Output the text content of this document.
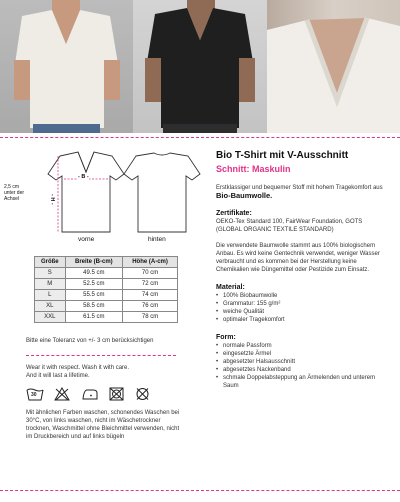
- B -
- H -
2,5 cm unter der Achsel
vorne	hinten
Größe	Breite (B-cm)	Höhe (A-cm)
S	49.5 cm	70 cm
M	52.5 cm	72 cm
L	55.5 cm	74 cm
XL	58.5 cm	76 cm
XXL	61.5 cm	78 cm

Bitte eine Toleranz von +/- 3 cm berücksichtigen

Wear it with respect. Wash it with care.

And it will last a lifetime.

30

Mit ähnlichen Farben waschen, schonendes Waschen bei 30°C, von links waschen, nicht im Wäschetrockner trocknen, Waschmittel ohne Bleichmittel verwenden, nicht im Druckbereich und auf links bügeln

Bio T-Shirt mit V-Ausschnitt
Schnitt: Maskulin

Erstklassiger und bequemer Stoff mit hohem Tragekomfort aus Bio-Baumwolle.

Zertifikate:

OEKO-Tex Standard 100, FairWear Foundation, GOTS (GLOBAL ORGANIC TEXTILE STANDARD)

Die verwendete Baumwolle stammt aus 100% biologischem Anbau. Es wird keine Gentechnik verwendet, weniger Wasser verbraucht und es kommen bei der Herstellung keine Chemikalien wie Düngemittel oder Pestizide zum Einsatz.

Material:
• 100% Biobaumwolle
• Grammatur: 155 g/m²
• weiche Qualität
• optimaler Tragekomfort
Form:
• normale Passform
• eingesetzte Ärmel
• abgesetzter Halsausschnitt
• abgesetztes Nackenband
• schmale Doppelabsteppung an Ärmelenden und unterem Saum
